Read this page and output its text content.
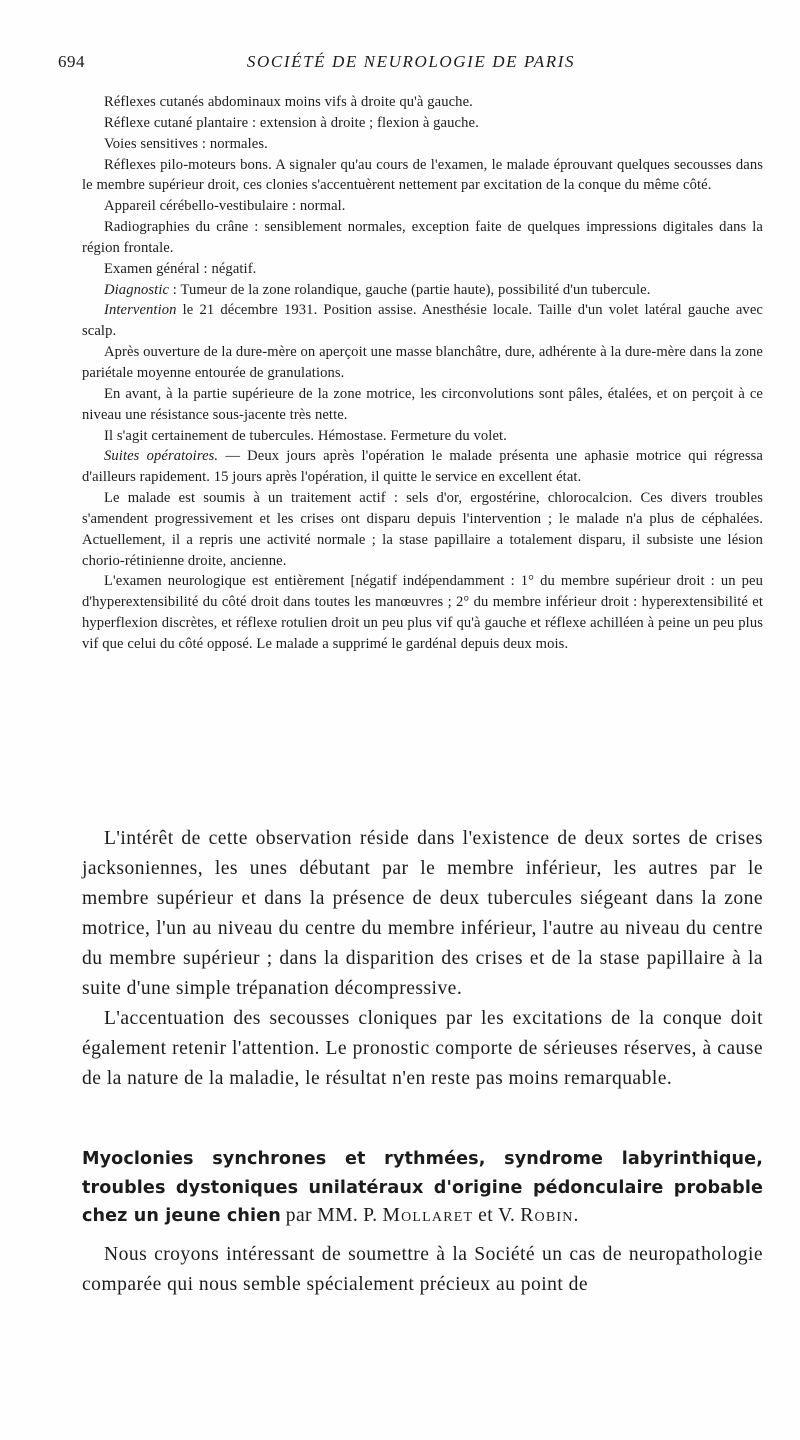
694	SOCIÉTÉ DE NEUROLOGIE DE PARIS

Réflexes cutanés abdominaux moins vifs à droite qu'à gauche.

Réflexe cutané plantaire : extension à droite ; flexion à gauche.

Voies sensitives : normales.

Réflexes pilo-moteurs bons. A signaler qu'au cours de l'examen, le malade éprouvant quelques secousses dans le membre supérieur droit, ces clonies s'accentuèrent nettement par excitation de la conque du même côté.

Appareil cérébello-vestibulaire : normal.

Radiographies du crâne : sensiblement normales, exception faite de quelques impressions digitales dans la région frontale.

Examen général : négatif.

Diagnostic : Tumeur de la zone rolandique, gauche (partie haute), possibilité d'un tubercule.

Intervention le 21 décembre 1931. Position assise. Anesthésie locale. Taille d'un volet latéral gauche avec scalp.

Après ouverture de la dure-mère on aperçoit une masse blanchâtre, dure, adhérente à la dure-mère dans la zone pariétale moyenne entourée de granulations.

En avant, à la partie supérieure de la zone motrice, les circonvolutions sont pâles, étalées, et on perçoit à ce niveau une résistance sous-jacente très nette.

Il s'agit certainement de tubercules. Hémostase. Fermeture du volet.

Suites opératoires. — Deux jours après l'opération le malade présenta une aphasie motrice qui régressa d'ailleurs rapidement. 15 jours après l'opération, il quitte le service en excellent état.

Le malade est soumis à un traitement actif : sels d'or, ergostérine, chlorocalcion. Ces divers troubles s'amendent progressivement et les crises ont disparu depuis l'intervention ; le malade n'a plus de céphalées. Actuellement, il a repris une activité normale ; la stase papillaire a totalement disparu, il subsiste une lésion chorio-rétinienne droite, ancienne.

L'examen neurologique est entièrement [négatif indépendamment : 1° du membre supérieur droit : un peu d'hyperextensibilité du côté droit dans toutes les manœuvres ; 2° du membre inférieur droit : hyperextensibilité et hyperflexion discrètes, et réflexe rotulien droit un peu plus vif qu'à gauche et réflexe achilléen à peine un peu plus vif que celui du côté opposé. Le malade a supprimé le gardénal depuis deux mois.

L'intérêt de cette observation réside dans l'existence de deux sortes de crises jacksoniennes, les unes débutant par le membre inférieur, les autres par le membre supérieur et dans la présence de deux tubercules siégeant dans la zone motrice, l'un au niveau du centre du membre inférieur, l'autre au niveau du centre du membre supérieur ; dans la disparition des crises et de la stase papillaire à la suite d'une simple trépanation décompressive.

L'accentuation des secousses cloniques par les excitations de la conque doit également retenir l'attention. Le pronostic comporte de sérieuses réserves, à cause de la nature de la maladie, le résultat n'en reste pas moins remarquable.

Myoclonies synchrones et rythmées, syndrome labyrinthique, troubles dystoniques unilatéraux d'origine pédonculaire probable chez un jeune chien par MM. P. Mollaret et V. Robin.

Nous croyons intéressant de soumettre à la Société un cas de neuropathologie comparée qui nous semble spécialement précieux au point de
